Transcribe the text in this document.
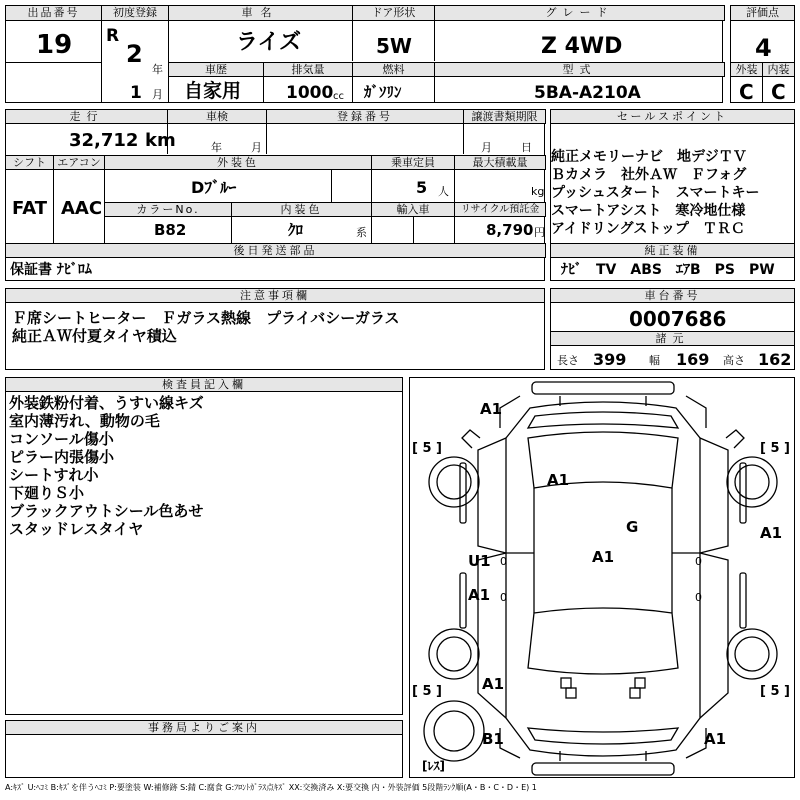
出品番号
19
初度登録
R
2
年
1 月
車名
ライズ
ドア形状
5W
グレード
Z 4WD
車歴
自家用
排気量
1000 cc
燃料
ｶﾞｿﾘﾝ
型式
5BA-A210A
評価点
4
外装 内装
C C
走行
32,712 km
車検
年	月
登録番号	譲渡書類期限
月	日
シフト
FAT
エアコン
AAC
外装色
Dﾌﾞﾙｰ
乗車定員
5 人
最大積載量
kg
カラーNo.
B82
内装色
ｸﾛ	系
輸入車	リサイクル預託金
8,790 円
後日発送部品
保証書 ﾅﾋﾞﾛﾑ
セールスポイント
純正メモリーナビ　地デジＴＶ
Ｂカメラ　社外ＡＷ　Ｆフォグ
プッシュスタート　スマートキー
スマートアシスト　寒冷地仕様
アイドリングストップ　ＴＲＣ
純正装備
ﾅﾋﾞ　TV　ABS　ｴｱB　PS　PW
注意事項欄
Ｆ席シートヒーター　Ｆガラス熱線　プライバシーガラス
純正ＡＷ付夏タイヤ積込
車台番号
0007686
諸元
長さ 399 幅 169 高さ 162
検査員記入欄
外装鉄粉付着、うすい線キズ
室内薄汚れ、動物の毛
コンソール傷小
ピラー内張傷小
シートすれ小
下廻りＳ小
ブラックアウトシール色あせ
スタッドレスタイヤ
事務局よりご案内
A1
A1
G
A1
U1
A1
A1
A1
B1	A1
[ 5 ]	[ 5 ]
[ 5 ]	[ 5 ]
[ﾚｽ]
0
0
0
0
A:ｷｽﾞ U:ﾍｺﾐ B:ｷｽﾞを伴うﾍｺﾐ P:要塗装 W:補修跡 S:錆 C:腐食 G:ﾌﾛﾝﾄｶﾞﾗｽ点ｷｽﾞ XX:交換済み X:要交換 内・外装評価 5段階ﾗﾝｸ順(A・B・C・D・E) 1
